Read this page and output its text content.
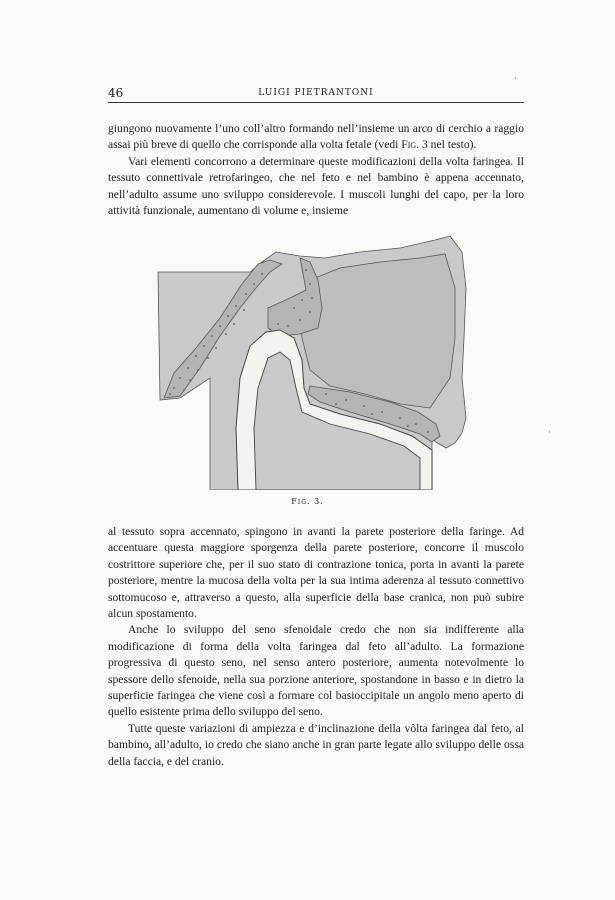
46	LUIGI PIETRANTONI

giungono nuovamente l’uno coll’altro formando nell’insieme un arco di cerchio a raggio assai più breve di quello che corrisponde alla volta fetale (vedi Fig. 3 nel testo).

Vari elementi concorrono a determinare queste modificazioni della volta faringea. Il tessuto connettivale retrofaringeo, che nel feto e nel bambino è appena accennato, nell’adulto assume uno sviluppo considerevole. I muscoli lunghi del capo, per la loro attività funzionale, aumentano di volume e, insieme

Fig. 3.

al tessuto sopra accennato, spingono in avanti la parete posteriore della faringe. Ad accentuare questa maggiore sporgenza della parete posteriore, concorre il muscolo costrittore superiore che, per il suo stato di contrazione tonica, porta in avanti la parete posteriore, mentre la mucosa della volta per la sua intima aderenza al tessuto connettivo sottomucoso e, attraverso a questo, alla superficie della base cranica, non può subire alcun spostamento.

Anche lo sviluppo del seno sfenoidale credo che non sia indifferente alla modificazione di forma della volta faringea dal feto all’adulto. La formazione progressiva di questo seno, nel senso antero posteriore, aumenta notevolmente lo spessore dello sfenoide, nella sua porzione anteriore, spostandone in basso e in dietro la superficie faringea che viene così a formare col basioccipitale un angolo meno aperto di quello esistente prima dello sviluppo del seno.

Tutte queste variazioni di ampiezza e d’inclinazione della vôlta faringea dal feto, al bambino, all’adulto, io credo che siano anche in gran parte legate allo sviluppo delle ossa della faccia, e del cranio.

·
·
